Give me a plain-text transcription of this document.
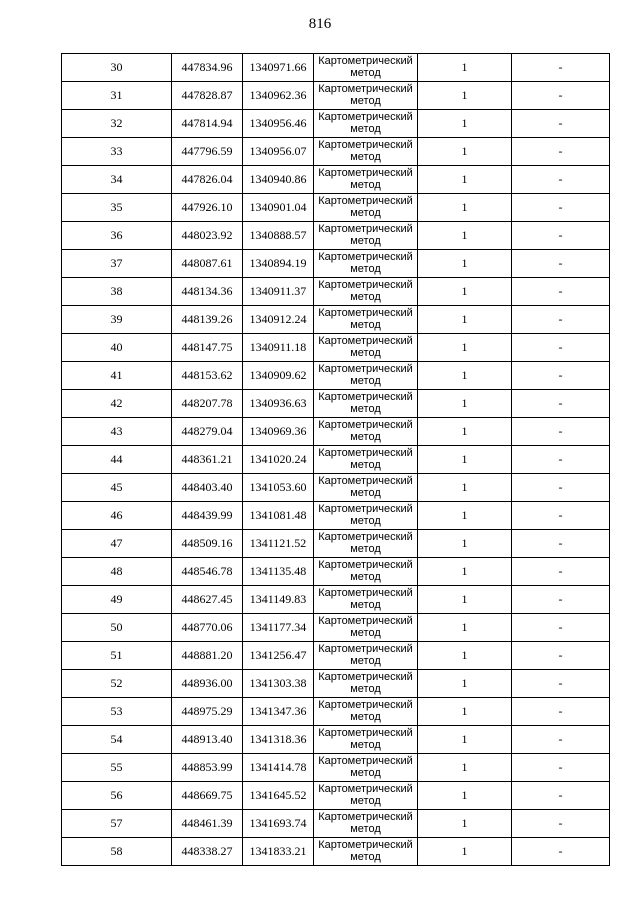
816
30	447834.96	1340971.66	Картометрический метод	1	-
31	447828.87	1340962.36	Картометрический метод	1	-
32	447814.94	1340956.46	Картометрический метод	1	-
33	447796.59	1340956.07	Картометрический метод	1	-
34	447826.04	1340940.86	Картометрический метод	1	-
35	447926.10	1340901.04	Картометрический метод	1	-
36	448023.92	1340888.57	Картометрический метод	1	-
37	448087.61	1340894.19	Картометрический метод	1	-
38	448134.36	1340911.37	Картометрический метод	1	-
39	448139.26	1340912.24	Картометрический метод	1	-
40	448147.75	1340911.18	Картометрический метод	1	-
41	448153.62	1340909.62	Картометрический метод	1	-
42	448207.78	1340936.63	Картометрический метод	1	-
43	448279.04	1340969.36	Картометрический метод	1	-
44	448361.21	1341020.24	Картометрический метод	1	-
45	448403.40	1341053.60	Картометрический метод	1	-
46	448439.99	1341081.48	Картометрический метод	1	-
47	448509.16	1341121.52	Картометрический метод	1	-
48	448546.78	1341135.48	Картометрический метод	1	-
49	448627.45	1341149.83	Картометрический метод	1	-
50	448770.06	1341177.34	Картометрический метод	1	-
51	448881.20	1341256.47	Картометрический метод	1	-
52	448936.00	1341303.38	Картометрический метод	1	-
53	448975.29	1341347.36	Картометрический метод	1	-
54	448913.40	1341318.36	Картометрический метод	1	-
55	448853.99	1341414.78	Картометрический метод	1	-
56	448669.75	1341645.52	Картометрический метод	1	-
57	448461.39	1341693.74	Картометрический метод	1	-
58	448338.27	1341833.21	Картометрический метод	1	-
